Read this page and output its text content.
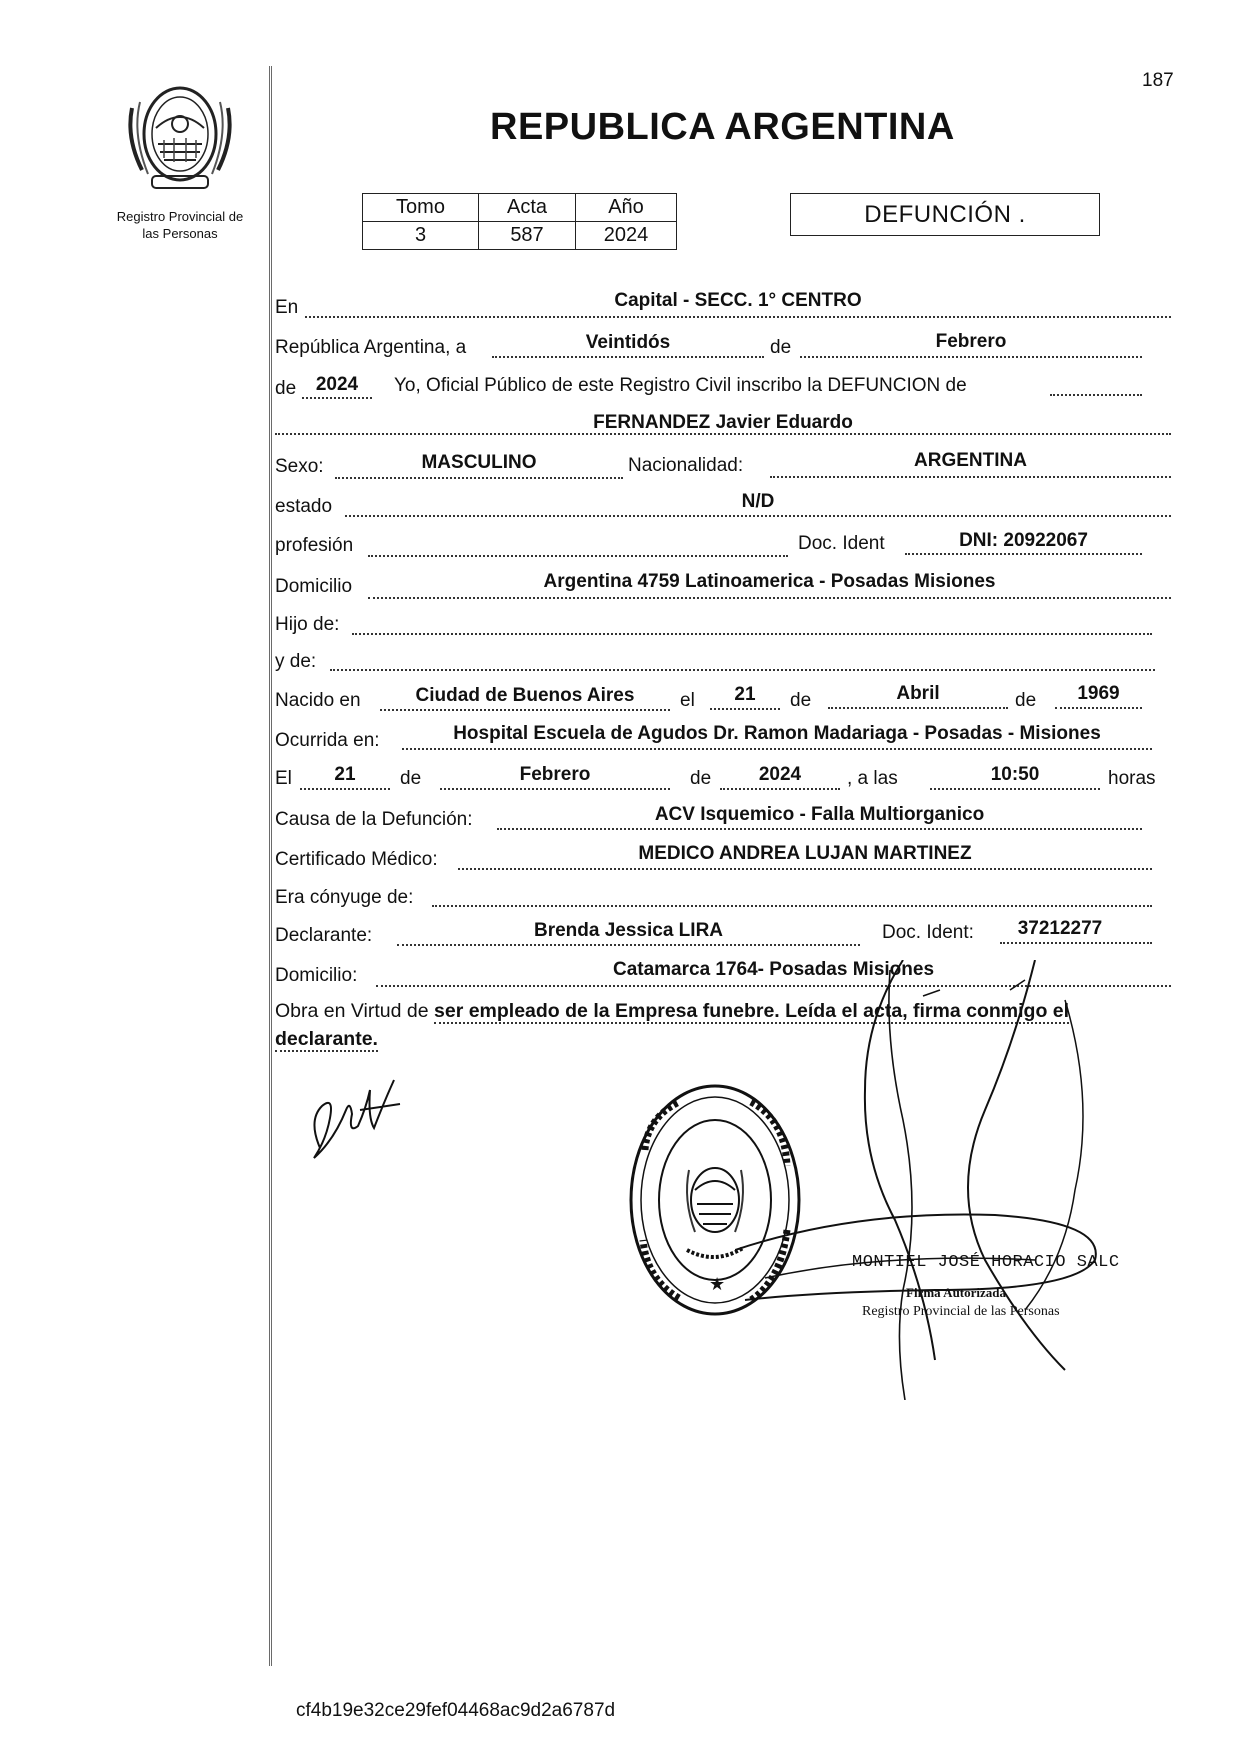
187
Registro Provincial de
las Personas
REPUBLICA ARGENTINA
Tomo	Acta	Año
3	587	2024
DEFUNCIÓN .
En	Capital - SECC. 1° CENTRO
República Argentina, a	Veintidós	de	Febrero
de	2024	Yo, Oficial Público de este Registro Civil inscribo la DEFUNCION de
FERNANDEZ Javier Eduardo
Sexo:	MASCULINO	Nacionalidad:	ARGENTINA
estado	N/D
profesión	Doc. Ident	DNI: 20922067
Domicilio	Argentina 4759 Latinoamerica - Posadas Misiones
Hijo de:
y de:
Nacido en	Ciudad de Buenos Aires	el	21	de	Abril	de	1969
Ocurrida en:	Hospital Escuela de Agudos Dr. Ramon Madariaga - Posadas - Misiones
El	21	de	Febrero	de	2024	, a las	10:50	horas
Causa de la Defunción:	ACV Isquemico - Falla Multiorganico
Certificado Médico:	MEDICO ANDREA LUJAN MARTINEZ
Era cónyuge de:
Declarante:	Brenda Jessica LIRA	Doc. Ident:	37212277
Domicilio:	Catamarca 1764- Posadas Misiones
Obra en Virtud de ser empleado de la Empresa funebre. Leída el acta, firma conmigo el
declarante.
★
MONTIEL JOSÉ HORACIO SALC
Firma Autorizada
Registro Provincial de las Personas
cf4b19e32ce29fef04468ac9d2a6787d
